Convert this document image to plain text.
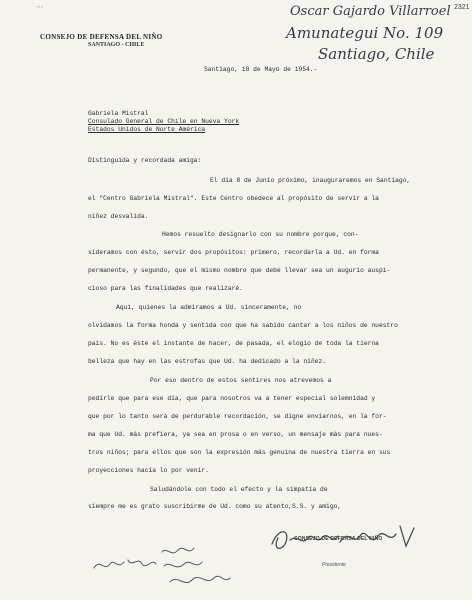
▪▪▪
CONSEJO DE DEFENSA DEL NIÑO
SANTIAGO - CHILE
Oscar Gajardo Villarroel
Amunategui No. 109
Santiago, Chile
2321
Santiago, 18 de Mayo de 1954.-
Gabriela Mistral
Consulado General de Chile en Nueva York
Estados Unidos de Norte América
Distinguida y recordada amiga:
El día 8 de Junio próximo, inauguraremos en Santiago,
el "Centro Gabriela Mistral". Este Centro obedece al propósito de servir a la
niñez desvalida.
Hemos resuelto designarlo con su nombre porque, con-
sideramos con ésto, servir dos propósitos: primero, recordarla a Ud. en forma
permanente, y segundo, que el mismo nombre que debe llevar sea un augurio auspi-
cioso para las finalidades que realizaré.
Aquí, quienes la admiramos a Ud. sinceramente, no
olvidamos la forma honda y sentida con que ha sabido cantar a los niños de nuestro
país. No es éste el instante de hacer, de pasada, el elogio de toda la tierna
belleza que hay en las estrofas que Ud. ha dedicado a la niñez.
Por eso dentro de estos sentires nos atrevemos a
pedirle que para ese día, que para nosotros va a tener especial solemnidad y
que por lo tanto será de perdurable recordación, se digne enviarnos, en la for-
ma que Ud. más prefiera, ya sea en prosa o en verso, un mensaje más para nues-
tros niños; para ellos que son la expresión más genuina de nuestra tierra en sus
proyecciones hacia lo por venir.
Saludándole con todo el efecto y la simpatía de
siempre me es grato suscribirme de Ud. como su atento,S.S. y amigo,
CONSEJO DE DEFENSA DEL NIÑO
Presidente
